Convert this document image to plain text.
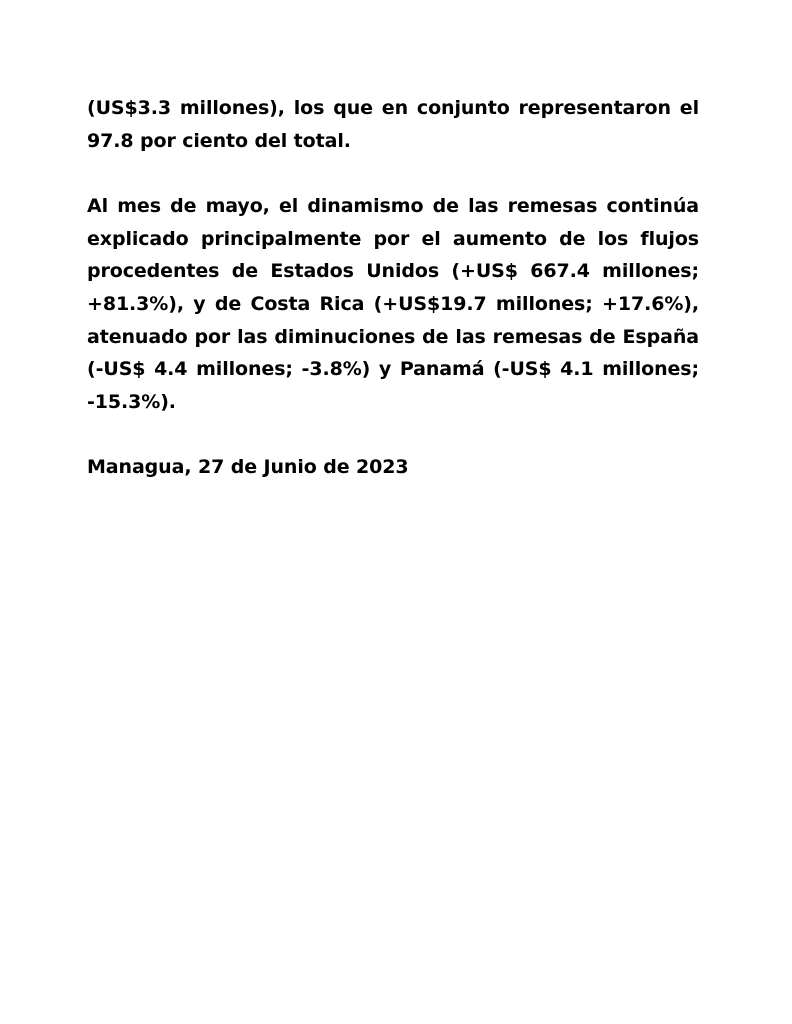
(US$3.3 millones), los que en conjunto representaron el 97.8 por ciento del total.

Al mes de mayo, el dinamismo de las remesas continúa explicado principalmente por el aumento de los flujos procedentes de Estados Unidos (+US$ 667.4 millones; +81.3%), y de Costa Rica (+US$19.7 millones; +17.6%), atenuado por las diminuciones de las remesas de España (-US$ 4.4 millones; -3.8%) y Panamá (-US$ 4.1 millones; -15.3%).

Managua, 27 de Junio de 2023
